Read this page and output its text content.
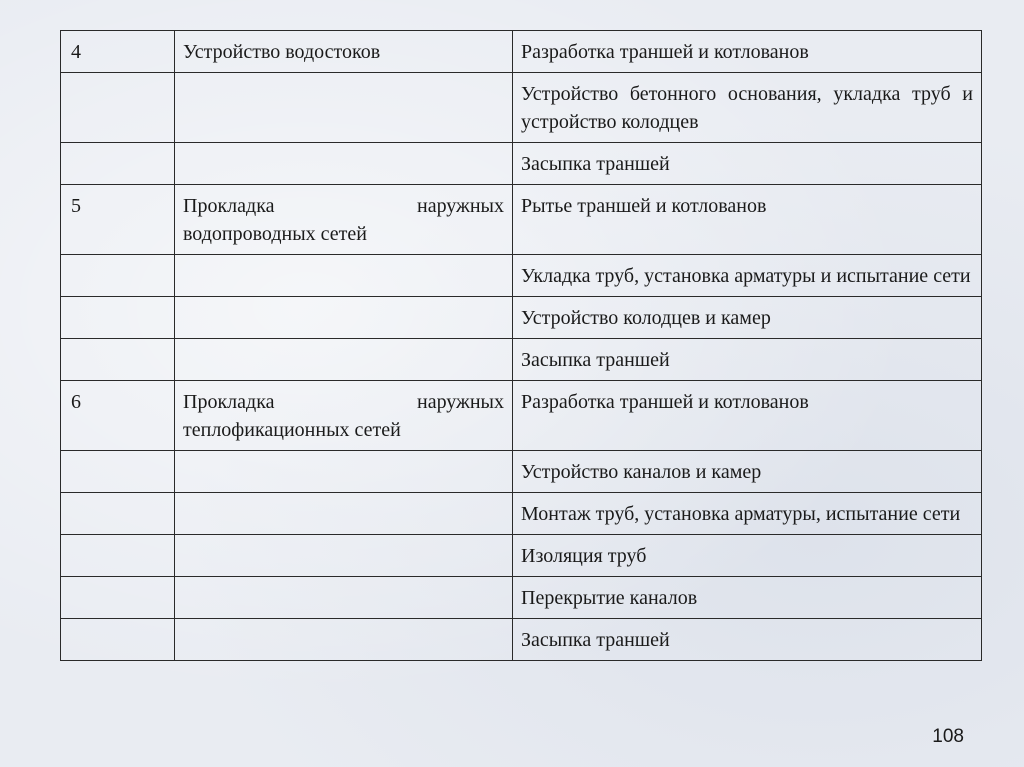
4	Устройство водостоков	Разработка траншей и котлованов
		Устройство бетонного основания, укладка труб и устройство колодцев
		Засыпка траншей
5	Прокладка наружных водопроводных сетей	Рытье траншей и котлованов
		Укладка труб, установка арматуры и испытание сети
		Устройство колодцев и камер
		Засыпка траншей
6	Прокладка наружных теплофикационных сетей	Разработка траншей и котлованов
		Устройство каналов и камер
		Монтаж труб, установка арматуры, испытание сети
		Изоляция труб
		Перекрытие каналов
		Засыпка траншей
108
